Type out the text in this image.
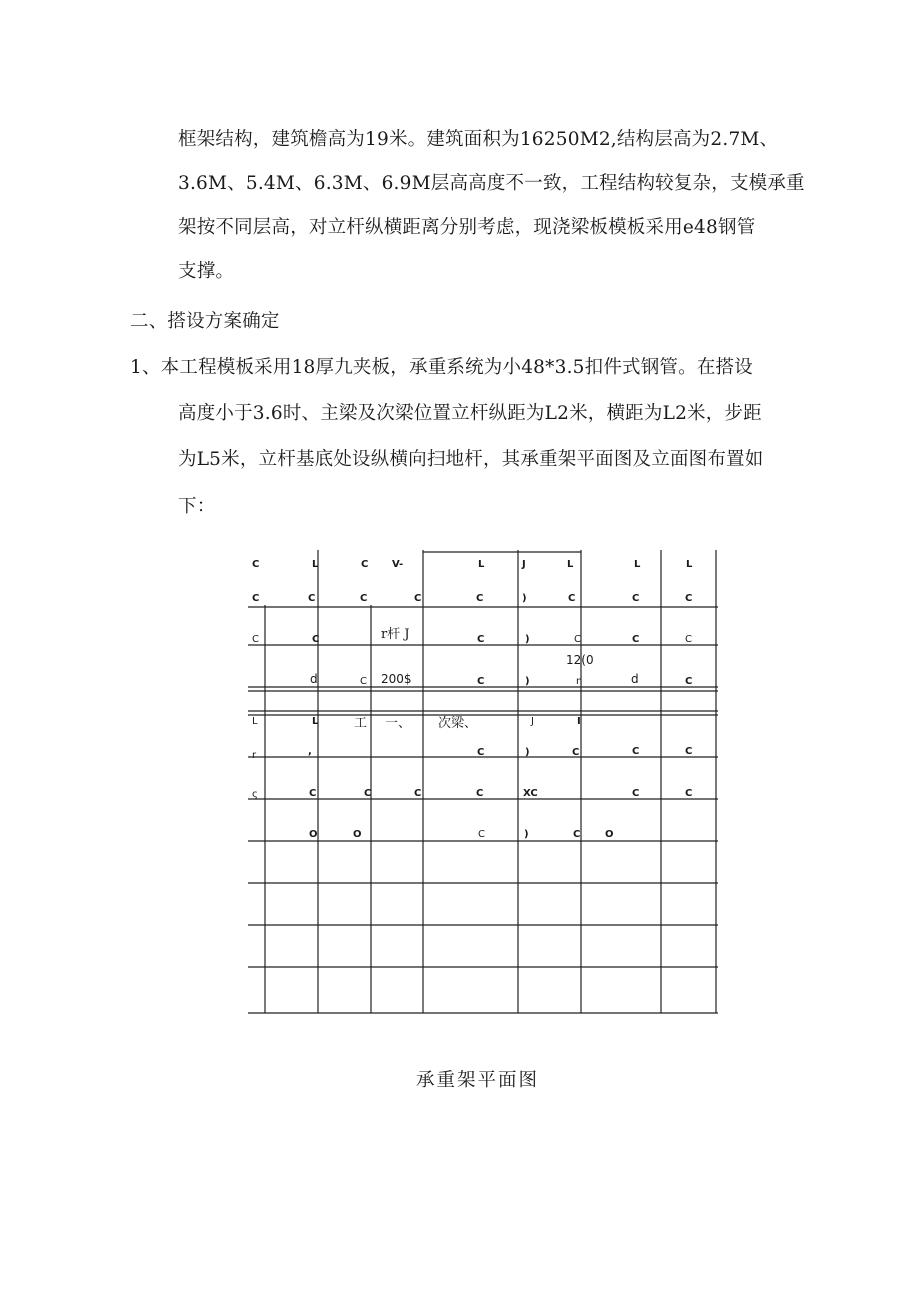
框架结构，建筑檐高为19米。建筑面积为16250M2,结构层高为2.7M、
3.6M、5.4M、6.3M、6.9M层高高度不一致，工程结构较复杂，支模承重
架按不同层高，对立杆纵横距离分别考虑，现浇梁板模板采用e48钢管
支撑。
二、搭设方案确定
1、本工程模板采用18厚九夹板，承重系统为小48*3.5扣件式钢管。在搭设
高度小于3.6时、主梁及次梁位置立杆纵距为L2米，横距为L2米，步距
为L5米，立杆基底处设纵横向扫地杆，其承重架平面图及立面图布置如
下：
C	L	C V-	L	J	L	L	L
C	C	C	C	C	)	C	C	C
C	C	r杆 J	C	)	C	C	C
12(0
d	C 200$	C	)	n	d	C
L	L	工 一、 次梁、	J	I
r	,	C	)	C	C	C
ς	C	C	C	C	XC	C	C
O	O	C	)	C O
承重架平面图
